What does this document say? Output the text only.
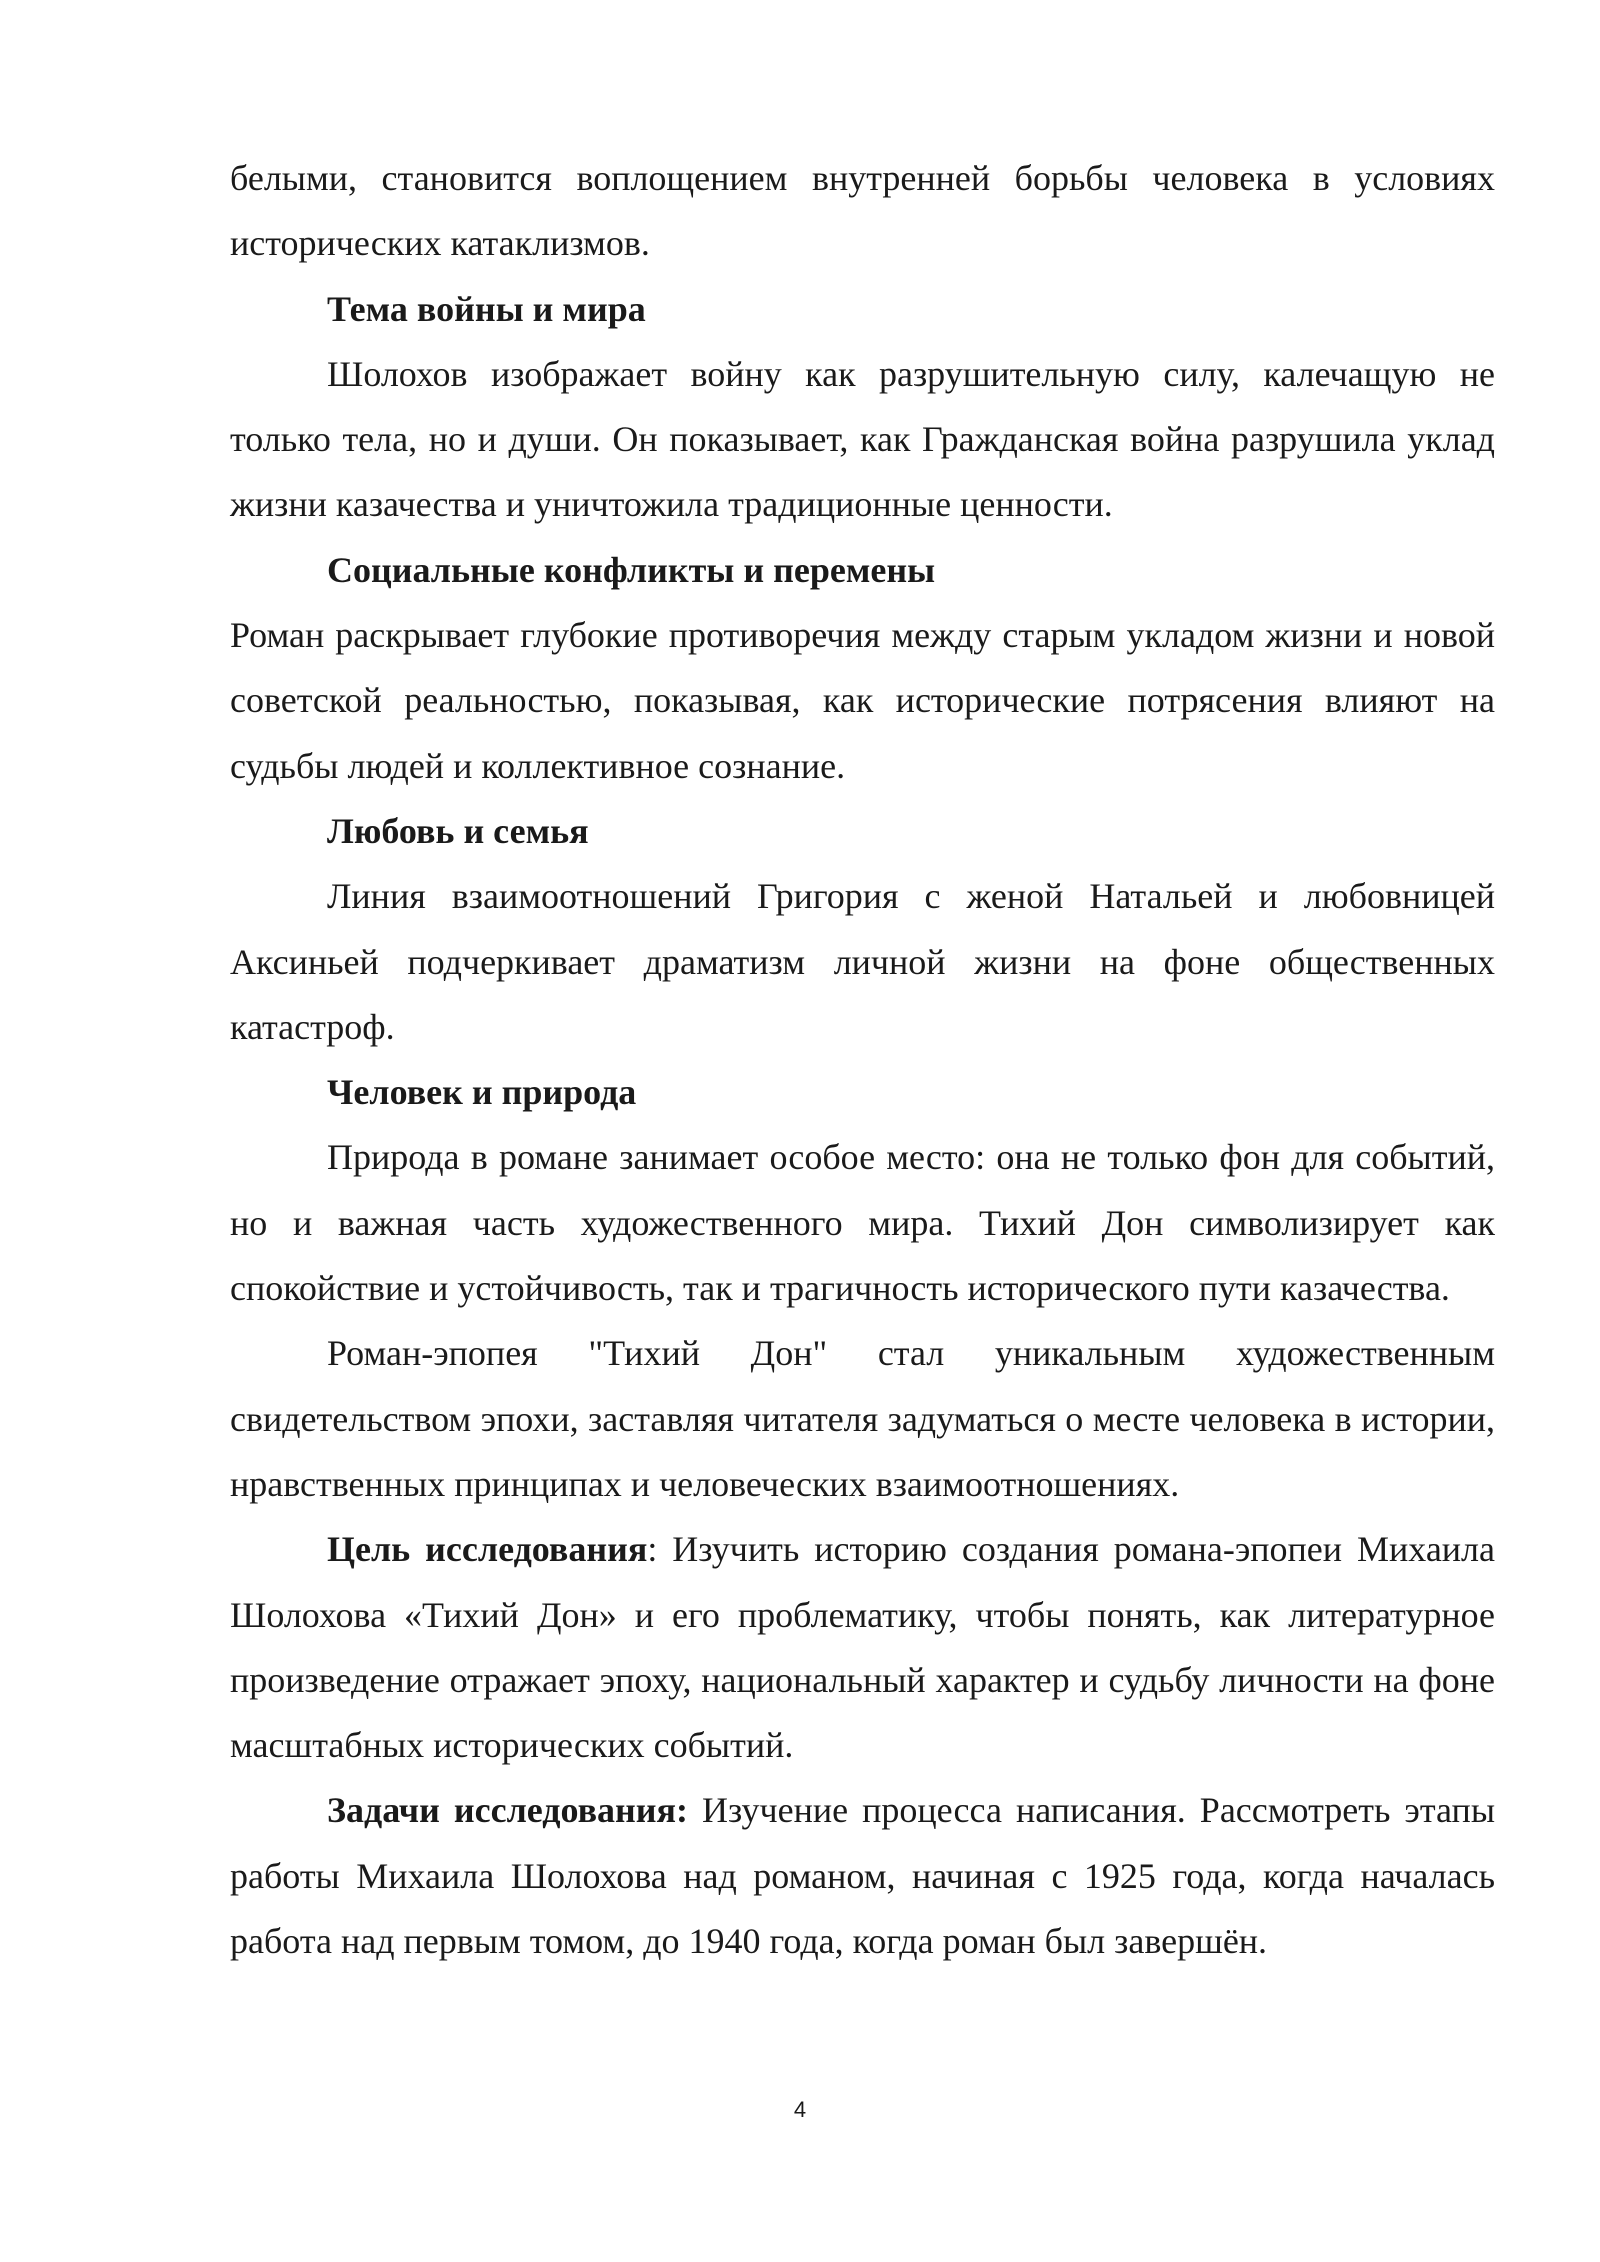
белыми, становится воплощением внутренней борьбы человека в условиях исторических катаклизмов.

Тема войны и мира

Шолохов изображает войну как разрушительную силу, калечащую не только тела, но и души. Он показывает, как Гражданская война разрушила уклад жизни казачества и уничтожила традиционные ценности.

Социальные конфликты и перемены

Роман раскрывает глубокие противоречия между старым укладом жизни и новой советской реальностью, показывая, как исторические потрясения влияют на судьбы людей и коллективное сознание.

Любовь и семья

Линия взаимоотношений Григория с женой Натальей и любовницей Аксиньей подчеркивает драматизм личной жизни на фоне общественных катастроф.

Человек и природа

Природа в романе занимает особое место: она не только фон для событий, но и важная часть художественного мира. Тихий Дон символизирует как спокойствие и устойчивость, так и трагичность исторического пути казачества.

Роман-эпопея "Тихий Дон" стал уникальным художественным свидетельством эпохи, заставляя читателя задуматься о месте человека в истории, нравственных принципах и человеческих взаимоотношениях.

Цель исследования: Изучить историю создания романа-эпопеи Михаила Шолохова «Тихий Дон» и его проблематику, чтобы понять, как литературное произведение отражает эпоху, национальный характер и судьбу личности на фоне масштабных исторических событий.

Задачи исследования: Изучение процесса написания. Рассмотреть этапы работы Михаила Шолохова над романом, начиная с 1925 года, когда началась работа над первым томом, до 1940 года, когда роман был завершён.

4
